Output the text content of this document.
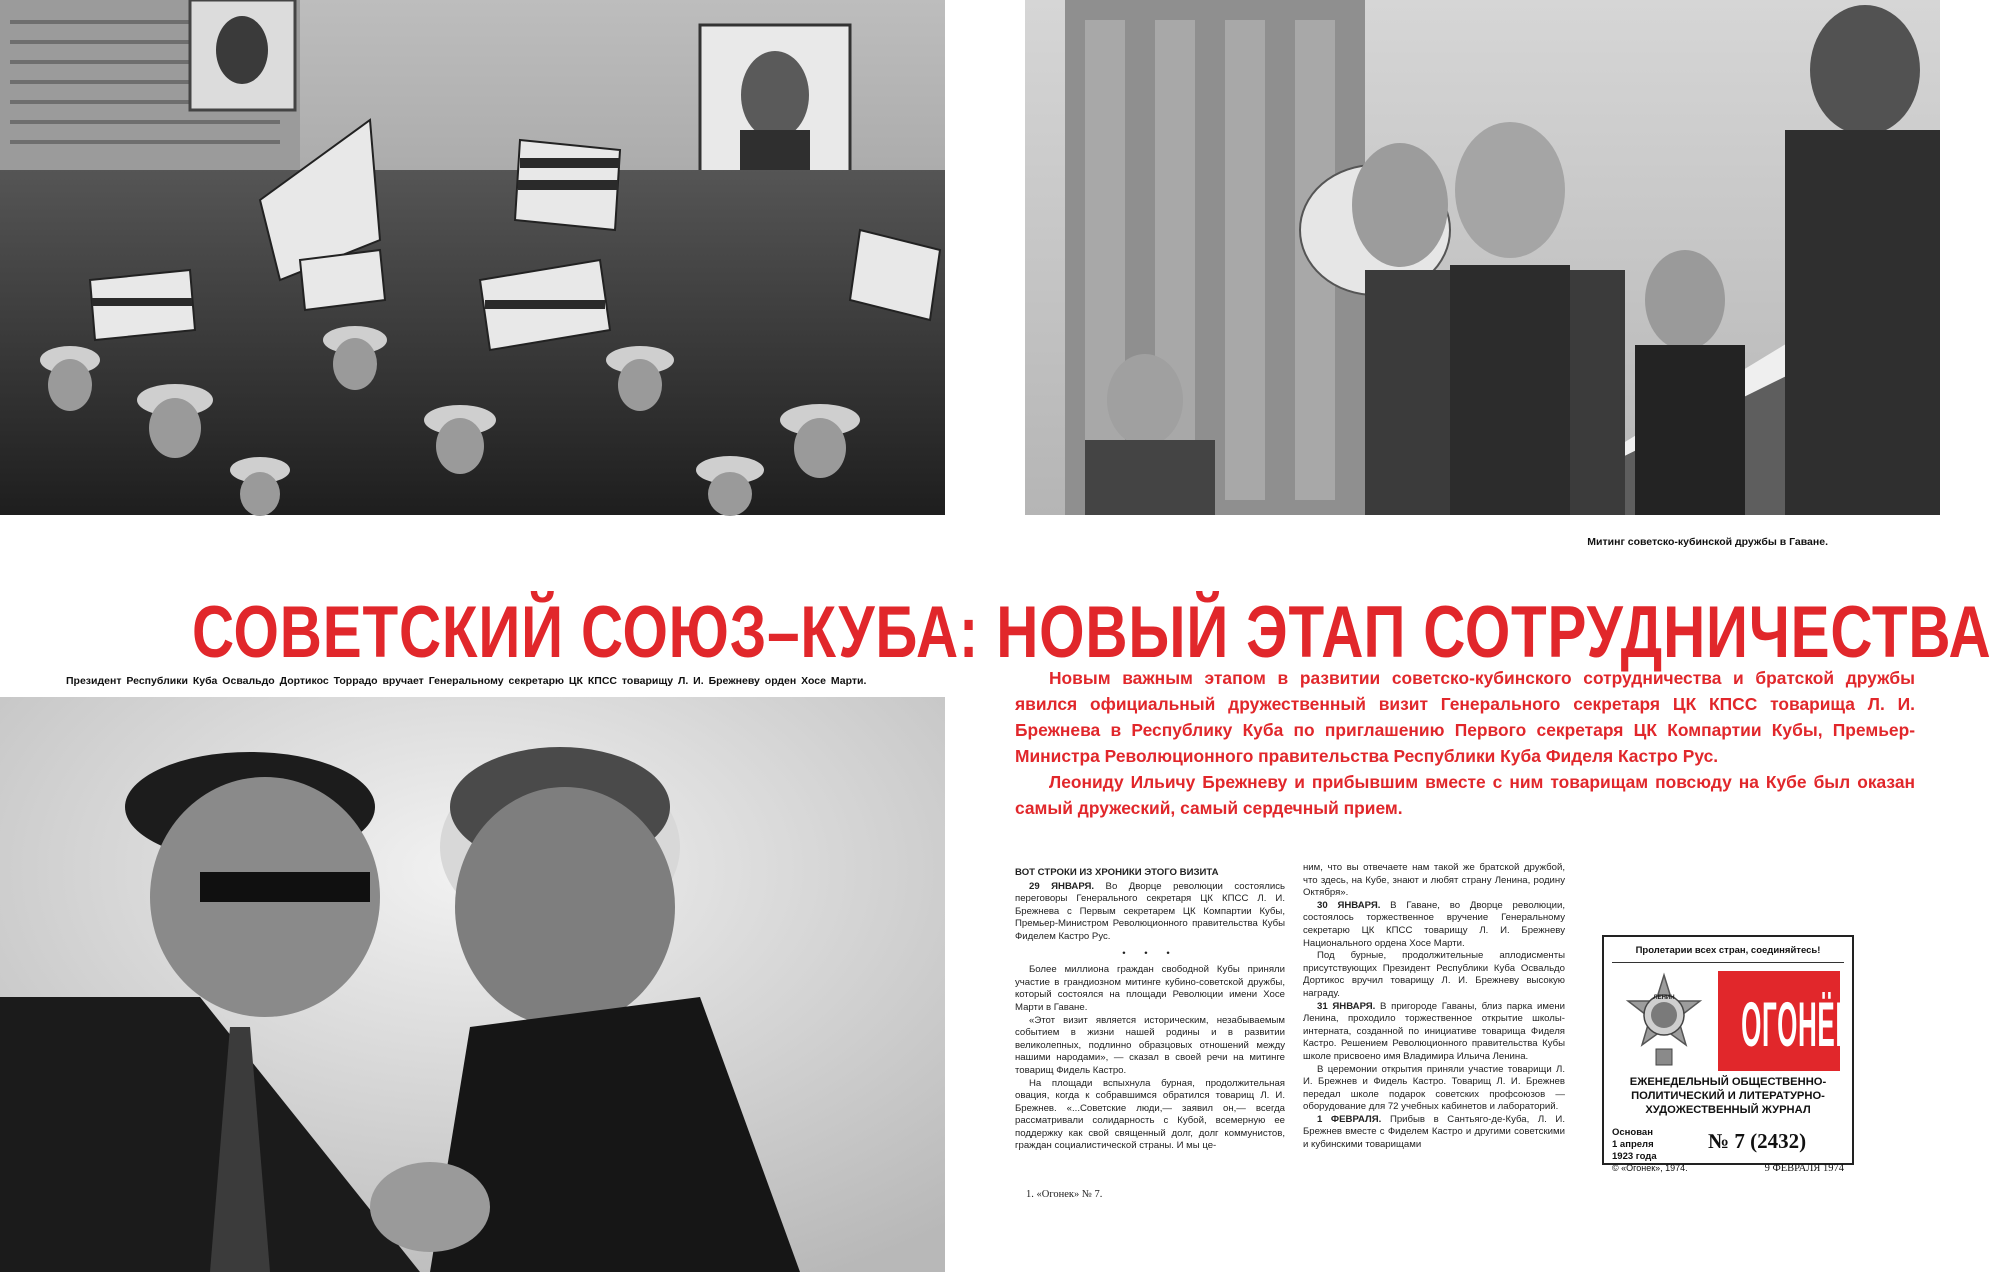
Митинг советско-кубинской дружбы в Гаване.
СОВЕТСКИЙ СОЮЗ–КУБА: НОВЫЙ ЭТАП СОТРУДНИЧЕСТВА
Президент Республики Куба Освальдо Дортикос Торрадо вручает Генеральному секретарю ЦК КПСС товарищу Л. И. Брежневу орден Хосе Марти.	Новым важным этапом в развитии советско-кубинского сотрудничества и братской дружбы явился официальный дружественный визит Генерального секретаря ЦК КПСС товарища Л. И. Брежнева в Республику Куба по приглашению Первого секретаря ЦК Компартии Кубы, Премьер-Министра Революционного правительства Республики Куба Фиделя Кастро Рус.

Леониду Ильичу Брежневу и прибывшим вместе с ним товарищам повсюду на Кубе был оказан самый дружеский, самый сердечный прием.

ВОТ СТРОКИ ИЗ ХРОНИКИ ЭТОГО ВИЗИТА

29 ЯНВАРЯ. Во Дворце революции состоялись переговоры Генерального секретаря ЦК КПСС Л. И. Брежнева с Первым секретарем ЦК Компартии Кубы, Премьер-Министром Революционного правительства Кубы Фиделем Кастро Рус.

• • •

Более миллиона граждан свободной Кубы приняли участие в грандиозном митинге кубино-советской дружбы, который состоялся на площади Революции имени Хосе Марти в Гаване.

«Этот визит является историческим, незабываемым событием в жизни нашей родины и в развитии великолепных, подлинно образцовых отношений между нашими народами», — сказал в своей речи на митинге товарищ Фидель Кастро.

На площади вспыхнула бурная, продолжительная овация, когда к собравшимся обратился товарищ Л. И. Брежнев. «...Советские люди,— заявил он,— всегда рассматривали солидарность с Кубой, всемерную ее поддержку как свой священный долг, долг коммунистов, граждан социалистической страны. И мы це-

ним, что вы отвечаете нам такой же братской дружбой, что здесь, на Кубе, знают и любят страну Ленина, родину Октября».

30 ЯНВАРЯ. В Гаване, во Дворце революции, состоялось торжественное вручение Генеральному секретарю ЦК КПСС товарищу Л. И. Брежневу Национального ордена Хосе Марти.

Под бурные, продолжительные аплодисменты присутствующих Президент Республики Куба Освальдо Дортикос вручил товарищу Л. И. Брежневу высокую награду.

31 ЯНВАРЯ. В пригороде Гаваны, близ парка имени Ленина, проходило торжественное открытие школы-интерната, созданной по инициативе товарища Фиделя Кастро. Решением Революционного правительства Кубы школе присвоено имя Владимира Ильича Ленина.

В церемонии открытия приняли участие товарищи Л. И. Брежнев и Фидель Кастро. Товарищ Л. И. Брежнев передал школе подарок советских профсоюзов — оборудование для 72 учебных кабинетов и лабораторий.

1 ФЕВРАЛЯ. Прибыв в Сантьяго-де-Куба, Л. И. Брежнев вместе с Фиделем Кастро и другими советскими и кубинскими товарищами

1. «Огонек» № 7.
Пролетарии всех стран, соединяйтесь!
ЛЕНИН ОГОНЁК
ЕЖЕНЕДЕЛЬНЫЙ ОБЩЕСТВЕННО-ПОЛИТИЧЕСКИЙ И ЛИТЕРАТУРНО-ХУДОЖЕСТВЕННЫЙ ЖУРНАЛ
Основан
1 апреля
1923 года
№ 7 (2432)
© «Огонек», 1974.	9 ФЕВРАЛЯ 1974
